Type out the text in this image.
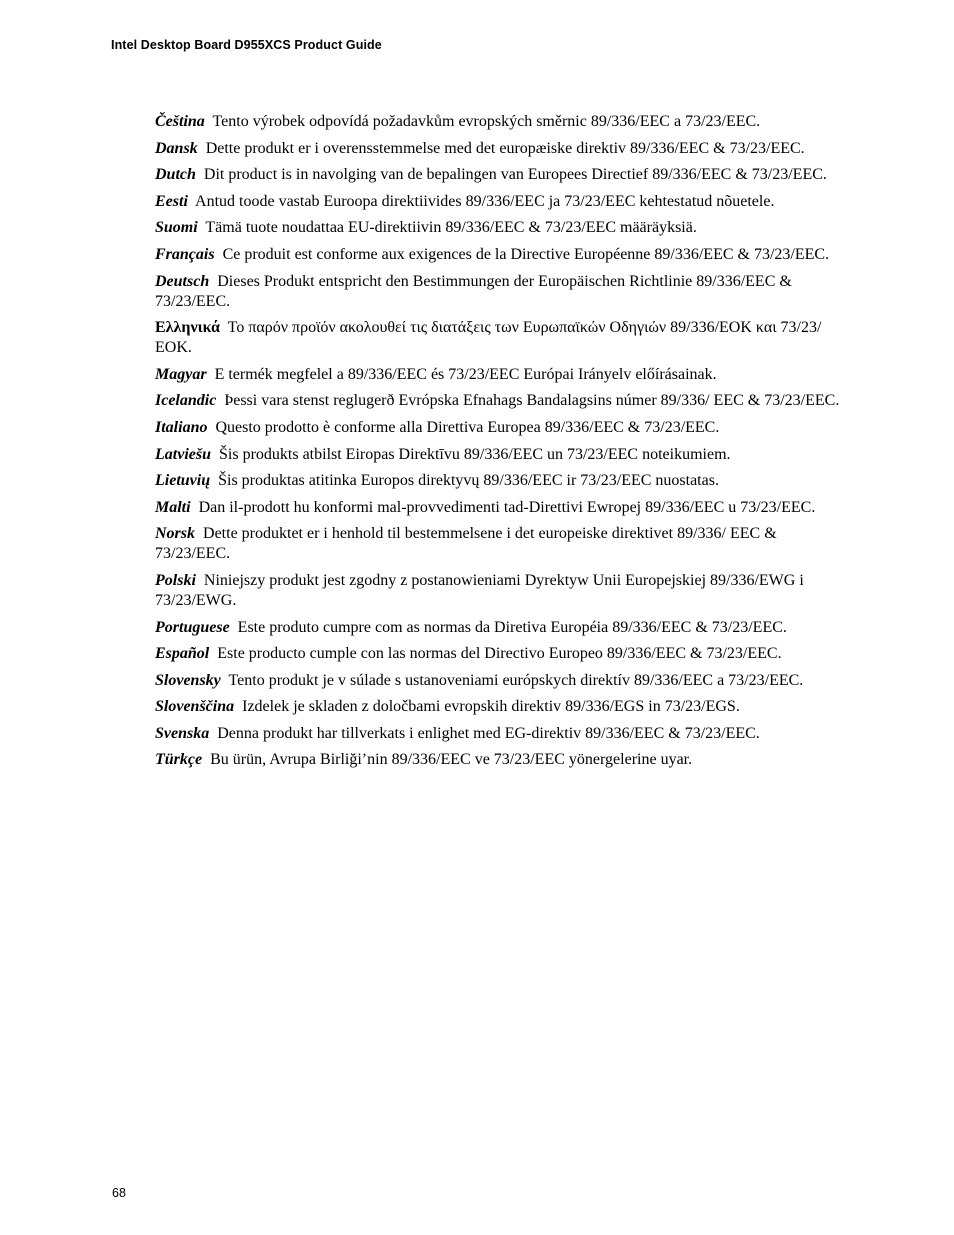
Intel Desktop Board D955XCS Product Guide

Čeština Tento výrobek odpovídá požadavkům evropských směrnic 89/336/EEC a 73/23/EEC.

Dansk Dette produkt er i overensstemmelse med det europæiske direktiv 89/336/EEC & 73/23/EEC.

Dutch Dit product is in navolging van de bepalingen van Europees Directief 89/336/EEC & 73/23/EEC.

Eesti Antud toode vastab Euroopa direktiivides 89/336/EEC ja 73/23/EEC kehtestatud nõuetele.

Suomi Tämä tuote noudattaa EU-direktiivin 89/336/EEC & 73/23/EEC määräyksiä.

Français Ce produit est conforme aux exigences de la Directive Européenne 89/336/EEC & 73/23/EEC.

Deutsch Dieses Produkt entspricht den Bestimmungen der Europäischen Richtlinie 89/336/EEC & 73/23/EEC.

Ελληνικά Το παρόν προϊόν ακολουθεί τις διατάξεις των Ευρωπαϊκών Οδηγιών 89/336/ΕΟΚ και 73/23/ΕΟΚ.

Magyar E termék megfelel a 89/336/EEC és 73/23/EEC Európai Irányelv előírásainak.

Icelandic Þessi vara stenst reglugerð Evrópska Efnahags Bandalagsins númer 89/336/ EEC & 73/23/EEC.

Italiano Questo prodotto è conforme alla Direttiva Europea 89/336/EEC & 73/23/EEC.

Latviešu Šis produkts atbilst Eiropas Direktīvu 89/336/EEC un 73/23/EEC noteikumiem.

Lietuvių Šis produktas atitinka Europos direktyvų 89/336/EEC ir 73/23/EEC nuostatas.

Malti Dan il-prodott hu konformi mal-provvedimenti tad-Direttivi Ewropej 89/336/EEC u 73/23/EEC.

Norsk Dette produktet er i henhold til bestemmelsene i det europeiske direktivet 89/336/ EEC & 73/23/EEC.

Polski Niniejszy produkt jest zgodny z postanowieniami Dyrektyw Unii Europejskiej 89/336/EWG i 73/23/EWG.

Portuguese Este produto cumpre com as normas da Diretiva Européia 89/336/EEC & 73/23/EEC.

Español Este producto cumple con las normas del Directivo Europeo 89/336/EEC & 73/23/EEC.

Slovensky Tento produkt je v súlade s ustanoveniami európskych direktív 89/336/EEC a 73/23/EEC.

Slovenščina Izdelek je skladen z določbami evropskih direktiv 89/336/EGS in 73/23/EGS.

Svenska Denna produkt har tillverkats i enlighet med EG-direktiv 89/336/EEC & 73/23/EEC.

Türkçe Bu ürün, Avrupa Birliği’nin 89/336/EEC ve 73/23/EEC yönergelerine uyar.

68
